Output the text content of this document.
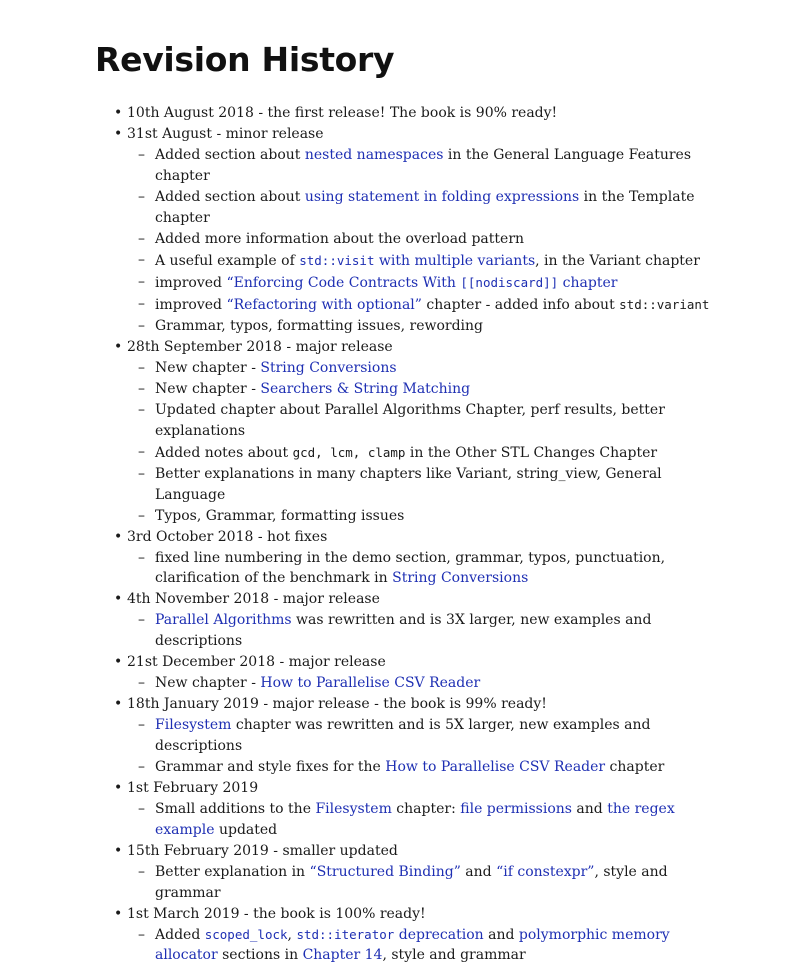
Revision History
• 10th August 2018 - the first release! The book is 90% ready!
• 31st August - minor release
– Added section about nested namespaces in the General Language Features chapter
– Added section about using statement in folding expressions in the Template chapter
– Added more information about the overload pattern
– A useful example of std::visit with multiple variants, in the Variant chapter
– improved “Enforcing Code Contracts With [[nodiscard]] chapter
– improved “Refactoring with optional” chapter - added info about std::variant
– Grammar, typos, formatting issues, rewording
• 28th September 2018 - major release
– New chapter - String Conversions
– New chapter - Searchers & String Matching
– Updated chapter about Parallel Algorithms Chapter, perf results, better explanations
– Added notes about gcd, lcm, clamp in the Other STL Changes Chapter
– Better explanations in many chapters like Variant, string_view, General Language
– Typos, Grammar, formatting issues
• 3rd October 2018 - hot fixes
– fixed line numbering in the demo section, grammar, typos, punctuation, clarification of the benchmark in String Conversions
• 4th November 2018 - major release
– Parallel Algorithms was rewritten and is 3X larger, new examples and descriptions
• 21st December 2018 - major release
– New chapter - How to Parallelise CSV Reader
• 18th January 2019 - major release - the book is 99% ready!
– Filesystem chapter was rewritten and is 5X larger, new examples and descriptions
– Grammar and style fixes for the How to Parallelise CSV Reader chapter
• 1st February 2019
– Small additions to the Filesystem chapter: file permissions and the regex example updated
• 15th February 2019 - smaller updated
– Better explanation in “Structured Binding” and “if constexpr”, style and grammar
• 1st March 2019 - the book is 100% ready!
– Added scoped_lock, std::iterator deprecation and polymorphic memory allocator sections in Chapter 14, style and grammar
